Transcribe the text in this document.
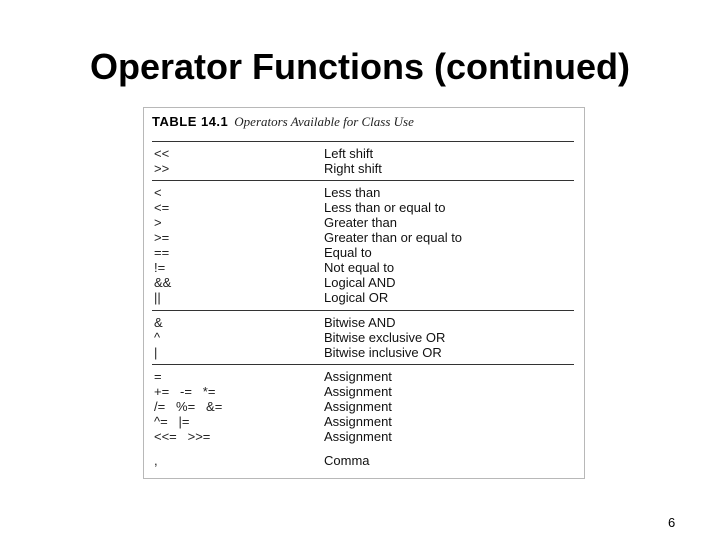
Operator Functions (continued)
TABLE 14.1 Operators Available for Class Use
<<	Left shift
>>	Right shift
<	Less than
<=	Less than or equal to
>	Greater than
>=	Greater than or equal to
==	Equal to
!=	Not equal to
&&	Logical AND
||	Logical OR
&	Bitwise AND
^	Bitwise exclusive OR
|	Bitwise inclusive OR
=	Assignment
+=   -=   *=	Assignment
/=   %=   &=	Assignment
^=   |=	Assignment
<<=   >>=	Assignment
,	Comma
6
